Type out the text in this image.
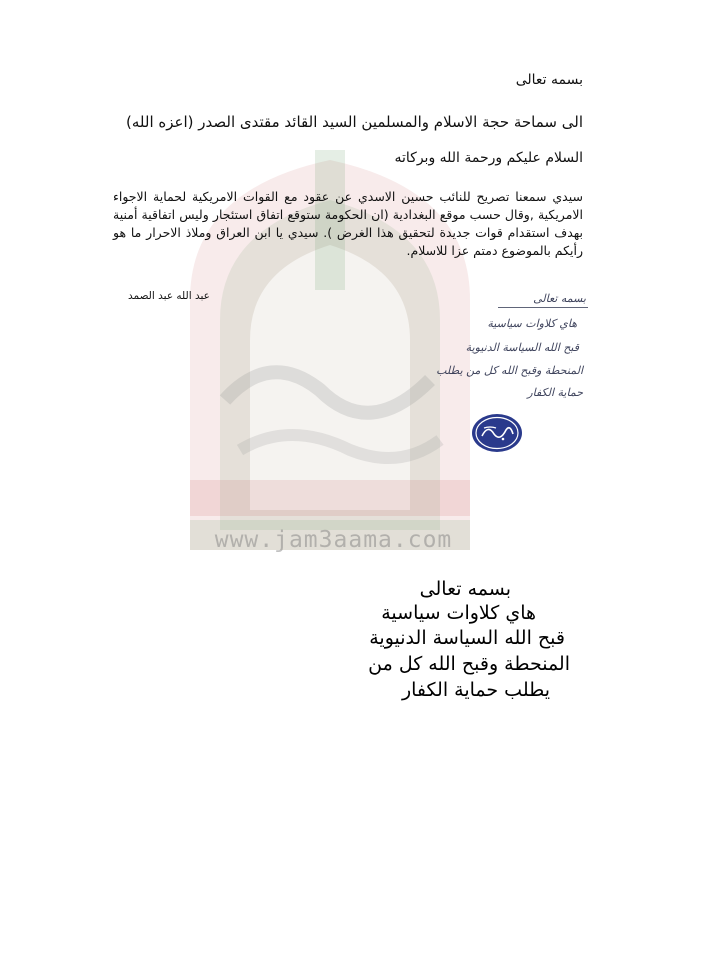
www.jam3aama.com
بسمه تعالى
الى سماحة حجة الاسلام والمسلمين السيد القائد مقتدى الصدر (اعزه الله)
السلام عليكم ورحمة الله وبركاته
سيدي سمعنا تصريح للنائب حسين الاسدي عن عقود مع القوات الامريكية لحماية الاجواء الامريكية ,وقال حسب موقع البغدادية (ان الحكومة ستوقع اتفاق استئجار وليس اتفاقية أمنية بهدف استقدام قوات جديدة لتحقيق هذا الغرض ). سيدي يا ابن العراق وملاذ الاحرار ما هو رأيكم بالموضوع دمتم عزا للاسلام.
عبد الله عبد الصمد	بسمه تعالى
هاي كلاوات سياسية
قبح الله السياسة الدنيوية
المنحطة وقبح الله كل من يطلب
حماية الكفار
بسمه تعالى
هاي كلاوات سياسية
قبح الله السياسة الدنيوية
المنحطة وقبح الله كل من
يطلب حماية الكفار
